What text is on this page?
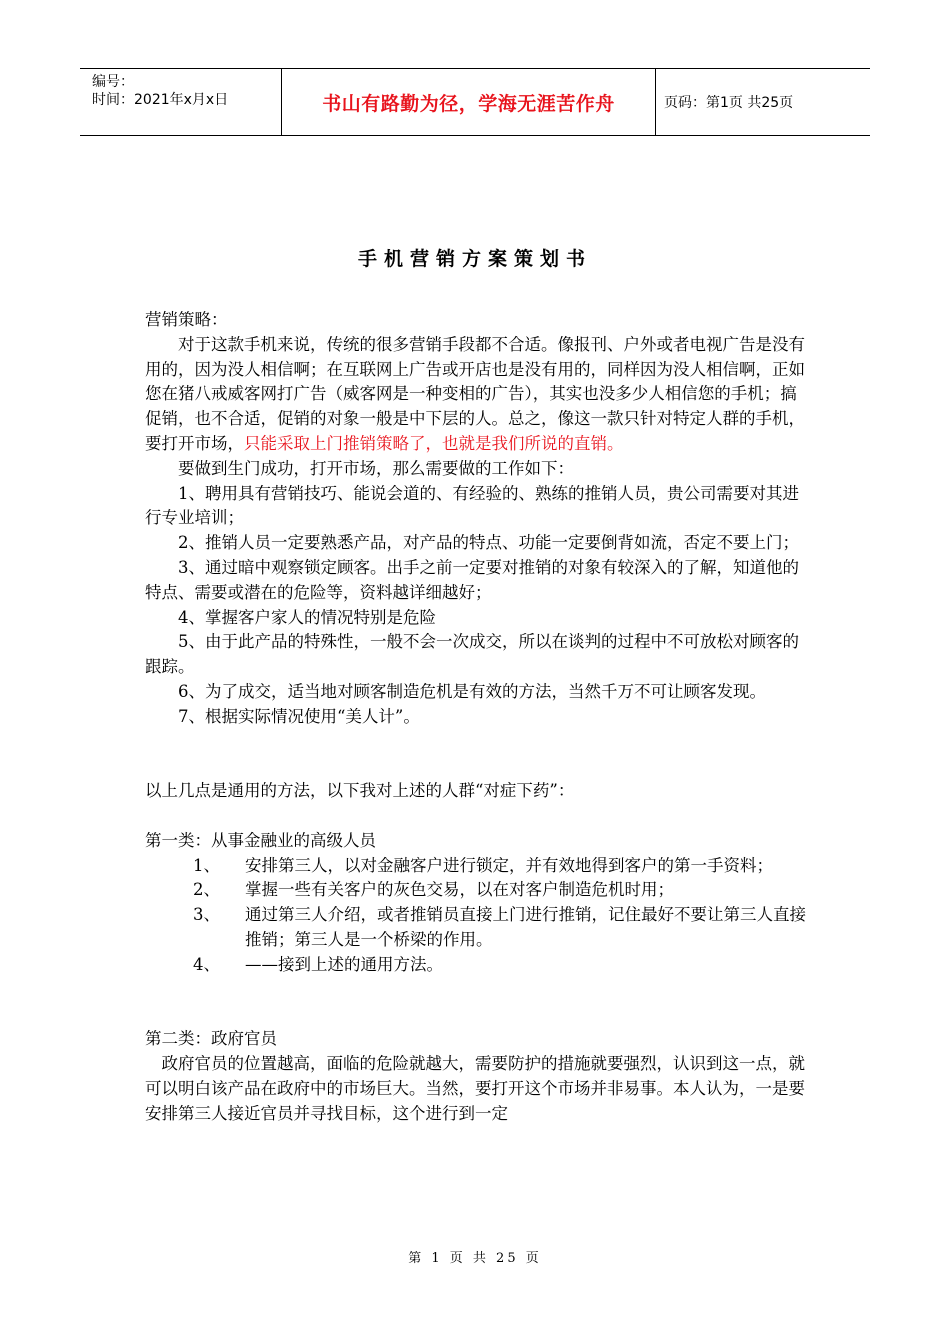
编号：
时间：2021年x月x日	书山有路勤为径，学海无涯苦作舟	页码：第1页 共25页
手机营销方案策划书

营销策略：

对于这款手机来说，传统的很多营销手段都不合适。像报刊、户外或者电视广告是没有用的，因为没人相信啊；在互联网上广告或开店也是没有用的，同样因为没人相信啊，正如您在猪八戒威客网打广告（威客网是一种变相的广告），其实也没多少人相信您的手机；搞促销，也不合适，促销的对象一般是中下层的人。总之，像这一款只针对特定人群的手机，要打开市场，只能采取上门推销策略了，也就是我们所说的直销。

要做到生门成功，打开市场，那么需要做的工作如下：

1、聘用具有营销技巧、能说会道的、有经验的、熟练的推销人员，贵公司需要对其进行专业培训；

2、推销人员一定要熟悉产品，对产品的特点、功能一定要倒背如流，否定不要上门；

3、通过暗中观察锁定顾客。出手之前一定要对推销的对象有较深入的了解，知道他的特点、需要或潜在的危险等，资料越详细越好；

4、掌握客户家人的情况特别是危险

5、由于此产品的特殊性，一般不会一次成交，所以在谈判的过程中不可放松对顾客的跟踪。

6、为了成交，适当地对顾客制造危机是有效的方法，当然千万不可让顾客发现。

7、根据实际情况使用“美人计”。

以上几点是通用的方法，以下我对上述的人群“对症下药”：

第一类：从事金融业的高级人员

1、	安排第三人，以对金融客户进行锁定，并有效地得到客户的第一手资料；
2、	掌握一些有关客户的灰色交易，以在对客户制造危机时用；
3、	通过第三人介绍，或者推销员直接上门进行推销，记住最好不要让第三人直接推销；第三人是一个桥梁的作用。
4、	——接到上述的通用方法。

第二类：政府官员

政府官员的位置越高，面临的危险就越大，需要防护的措施就要强烈，认识到这一点，就可以明白该产品在政府中的市场巨大。当然，要打开这个市场并非易事。本人认为，一是要安排第三人接近官员并寻找目标，这个进行到一定

第 1 页 共 25 页
